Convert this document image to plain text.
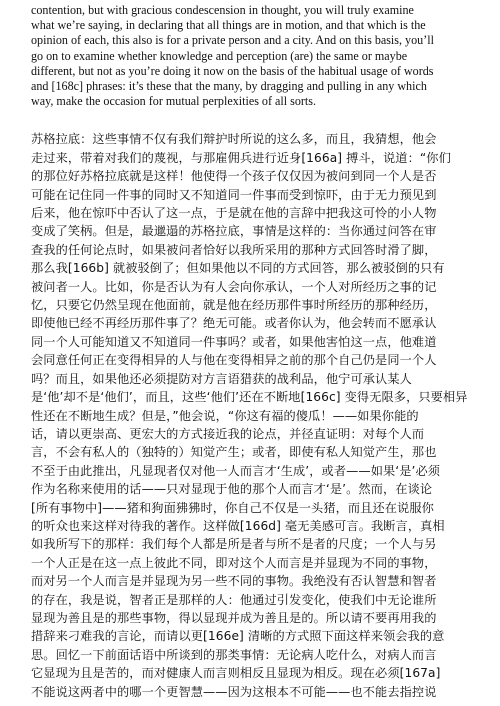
contention, but with gracious condescension in thought, you will truly examine
what we’re saying, in declaring that all things are in motion, and that which is the
opinion of each, this also is for a private person and a city. And on this basis, you’ll
go on to examine whether knowledge and perception (are) the same or maybe
different, but not as you’re doing it now on the basis of the habitual usage of words
and [168c] phrases: it’s these that the many, by dragging and pulling in any which
way, make the occasion for mutual perplexities of all sorts.
苏格拉底：这些事情不仅有我们辩护时所说的这么多，而且，我猜想，他会
走过来，带着对我们的蔑视，与那雇佣兵进行近身[166a] 搏斗，说道：“你们
的那位好苏格拉底就是这样！他使得一个孩子仅仅因为被问到同一个人是否
可能在记住同一件事的同时又不知道同一件事而受到惊吓，由于无力预见到
后来，他在惊吓中否认了这一点，于是就在他的言辞中把我这可怜的小人物
变成了笑柄。但是，最邋遢的苏格拉底，事情是这样的：当你通过问答在审
查我的任何论点时，如果被问者恰好以我所采用的那种方式回答时滑了脚，
那么我[166b] 就被驳倒了；但如果他以不同的方式回答，那么被驳倒的只有
被问者一人。比如，你是否认为有人会向你承认，一个人对所经历之事的记
忆，只要它仍然呈现在他面前，就是他在经历那件事时所经历的那种经历，
即使他已经不再经历那件事了？绝无可能。或者你认为，他会转而不愿承认
同一个人可能知道又不知道同一件事吗？或者，如果他害怕这一点，他难道
会同意任何正在变得相异的人与他在变得相异之前的那个自己仍是同一个人
吗？而且，如果他还必须提防对方言语猎获的战利品，他宁可承认某人
是‘他’却不是‘他们’，而且，这些‘他们’还在不断地[166c] 变得无限多，只要相异
性还在不断地生成？但是，”他会说，“你这有福的傻瓜！——如果你能的
话，请以更崇高、更宏大的方式接近我的论点，并径直证明：对每个人而
言，不会有私人的（独特的）知觉产生；或者，即使有私人知觉产生，那也
不至于由此推出，凡显现者仅对他一人而言才‘生成’，或者——如果‘是’必须
作为名称来使用的话——只对显现于他的那个人而言才‘是’。然而，在谈论
[所有事物中]——猪和狗面狒狒时，你自己不仅是一头猪，而且还在说服你
的听众也来这样对待我的著作。这样做[166d] 毫无美感可言。我断言，真相
如我所写下的那样：我们每个人都是所是者与所不是者的尺度；一个人与另
一个人正是在这一点上彼此不同，即对这个人而言是并显现为不同的事物，
而对另一个人而言是并显现为另一些不同的事物。我绝没有否认智慧和智者
的存在，我是说，智者正是那样的人：他通过引发变化，使我们中无论谁所
显现为善且是的那些事物，得以显现并成为善且是的。所以请不要再用我的
措辞来刁难我的言论，而请以更[166e] 清晰的方式照下面这样来领会我的意
思。回忆一下前面话语中所谈到的那类事情：无论病人吃什么，对病人而言
它显现为且是苦的，而对健康人而言则相反且显现为相反。现在必须[167a]
不能说这两者中的哪一个更智慧——因为这根本不可能——也不能去指控说
